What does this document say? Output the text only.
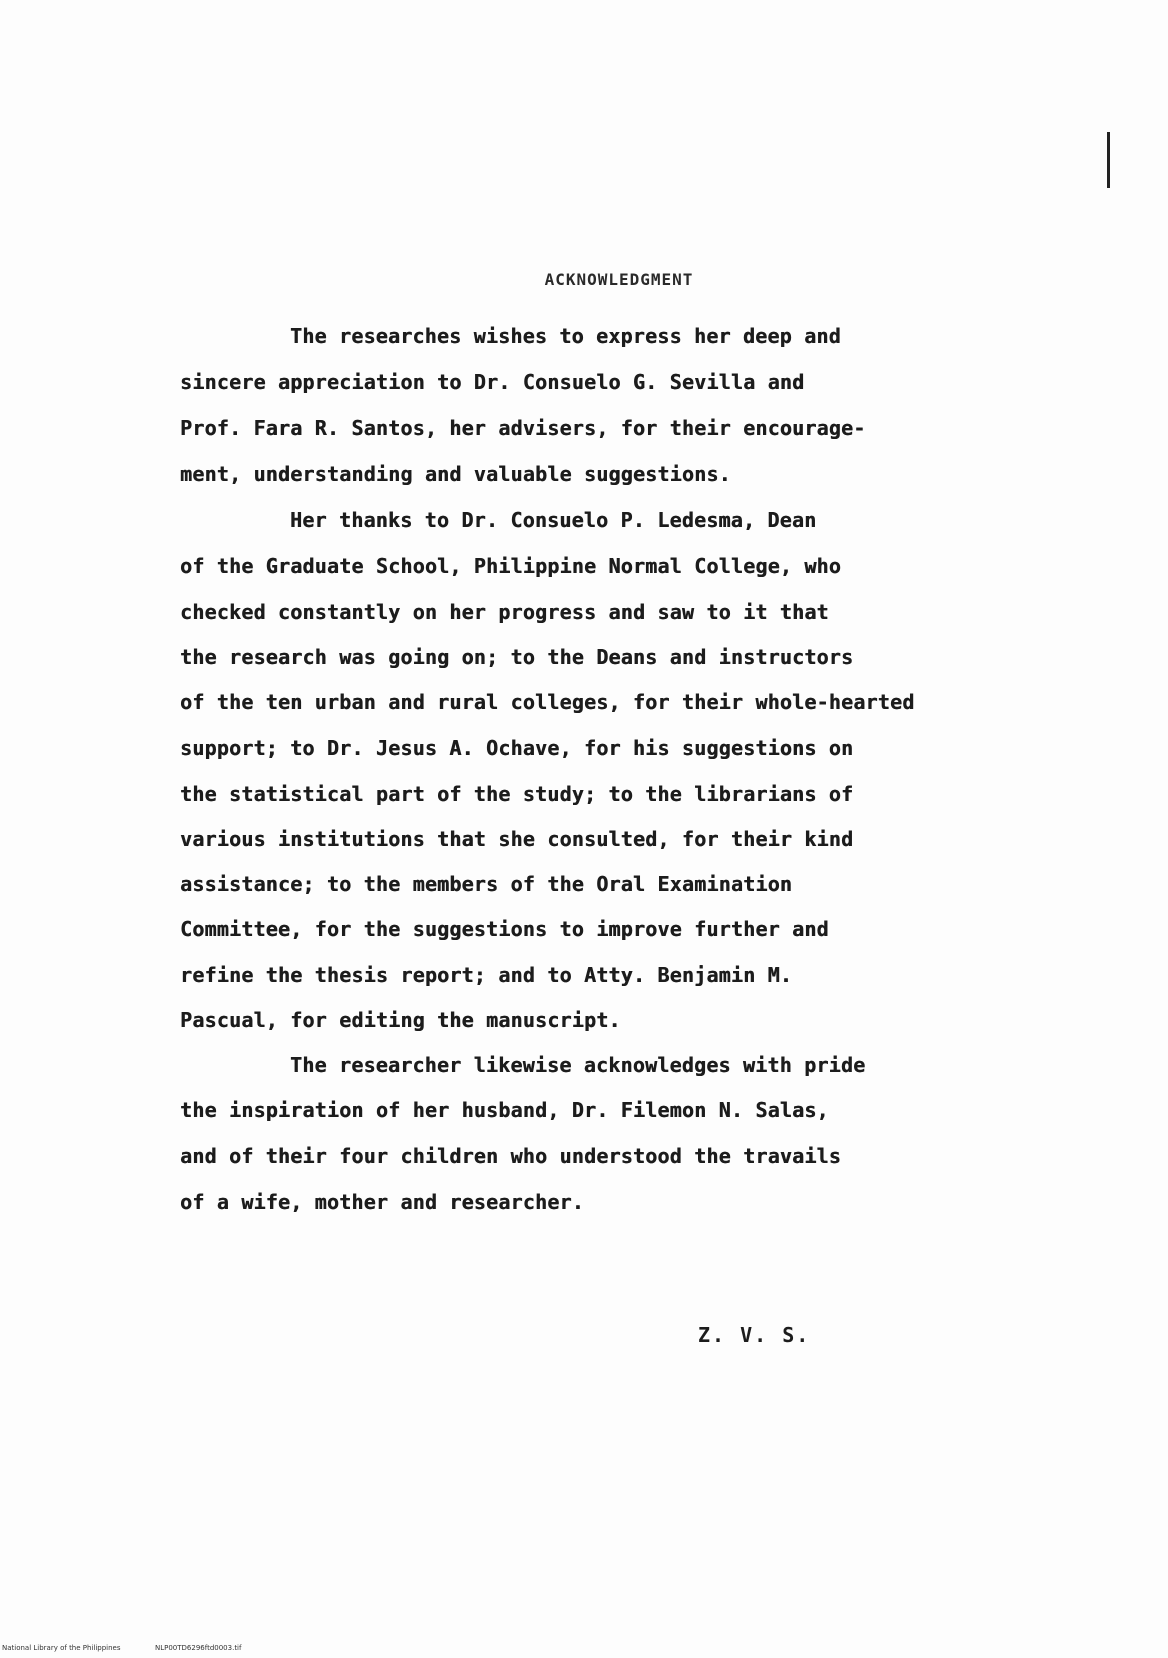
ACKNOWLEDGMENT
The researches wishes to express her deep and
sincere appreciation to Dr. Consuelo G. Sevilla and
Prof. Fara R. Santos, her advisers, for their encourage-
ment, understanding and valuable suggestions.
Her thanks to Dr. Consuelo P. Ledesma, Dean
of the Graduate School, Philippine Normal College, who
checked constantly on her progress and saw to it that
the research was going on; to the Deans and instructors
of the ten urban and rural colleges, for their whole-hearted
support; to Dr. Jesus A. Ochave, for his suggestions on
the statistical part of the study; to the librarians of
various institutions that she consulted, for their kind
assistance; to the members of the Oral Examination
Committee, for the suggestions to improve further and
refine the thesis report; and to Atty. Benjamin M.
Pascual, for editing the manuscript.
The researcher likewise acknowledges with pride
the inspiration of her husband, Dr. Filemon N. Salas,
and of their four children who understood the travails
of a wife, mother and researcher.
Z. V. S.
National Library of the Philippines	NLP00TD6296ftd0003.tif
